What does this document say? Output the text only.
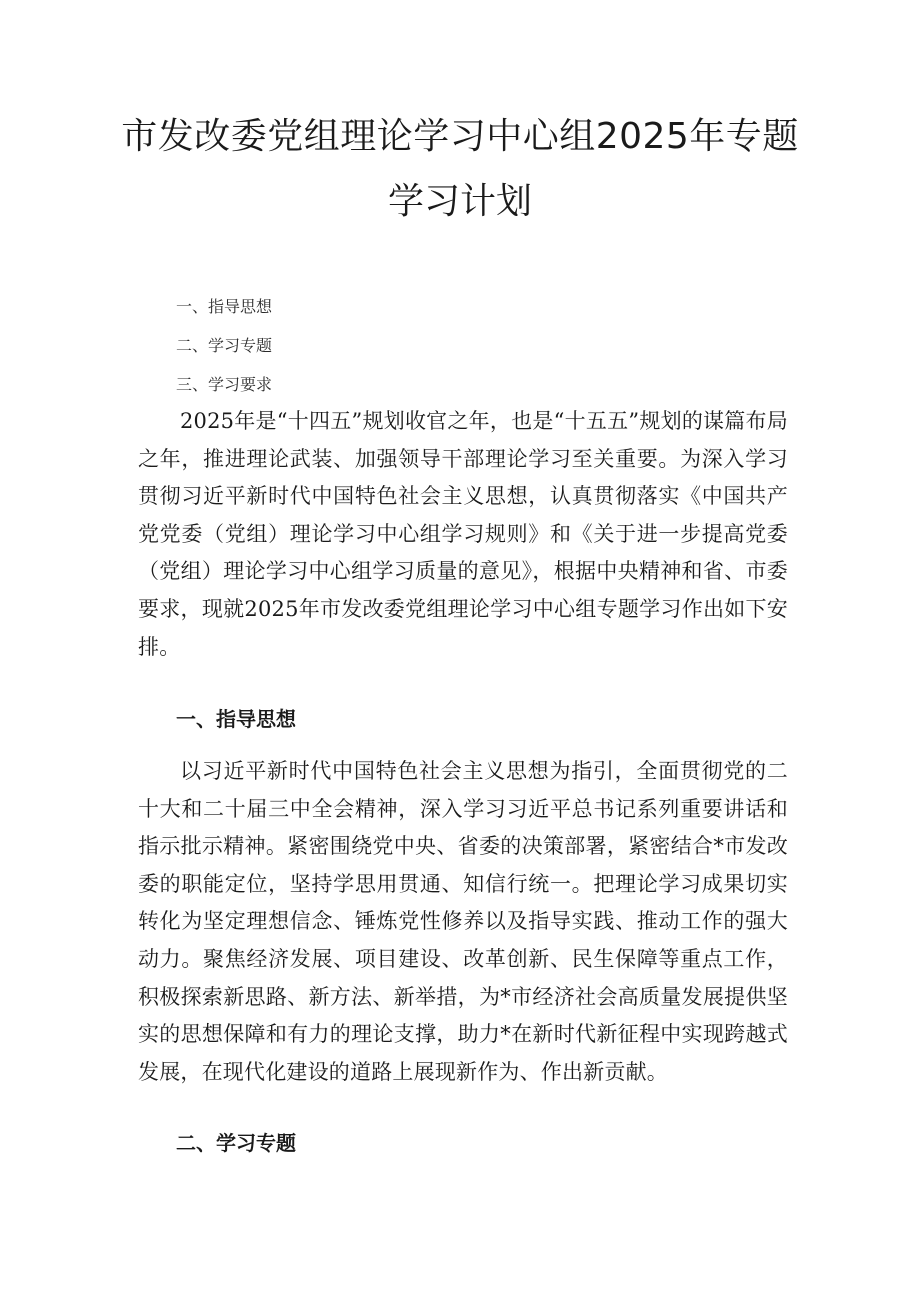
市发改委党组理论学习中心组2025年专题
学习计划
一、指导思想
二、学习专题
三、学习要求

2025年是“十四五”规划收官之年，也是“十五五”规划的谋篇布局之年，推进理论武装、加强领导干部理论学习至关重要。为深入学习贯彻习近平新时代中国特色社会主义思想，认真贯彻落实《中国共产党党委（党组）理论学习中心组学习规则》和《关于进一步提高党委（党组）理论学习中心组学习质量的意见》，根据中央精神和省、市委要求，现就2025年市发改委党组理论学习中心组专题学习作出如下安排。

一、指导思想

以习近平新时代中国特色社会主义思想为指引，全面贯彻党的二十大和二十届三中全会精神，深入学习习近平总书记系列重要讲话和指示批示精神。紧密围绕党中央、省委的决策部署，紧密结合*市发改委的职能定位，坚持学思用贯通、知信行统一。把理论学习成果切实转化为坚定理想信念、锤炼党性修养以及指导实践、推动工作的强大动力。聚焦经济发展、项目建设、改革创新、民生保障等重点工作，积极探索新思路、新方法、新举措，为*市经济社会高质量发展提供坚实的思想保障和有力的理论支撑，助力*在新时代新征程中实现跨越式发展，在现代化建设的道路上展现新作为、作出新贡献。

二、学习专题
